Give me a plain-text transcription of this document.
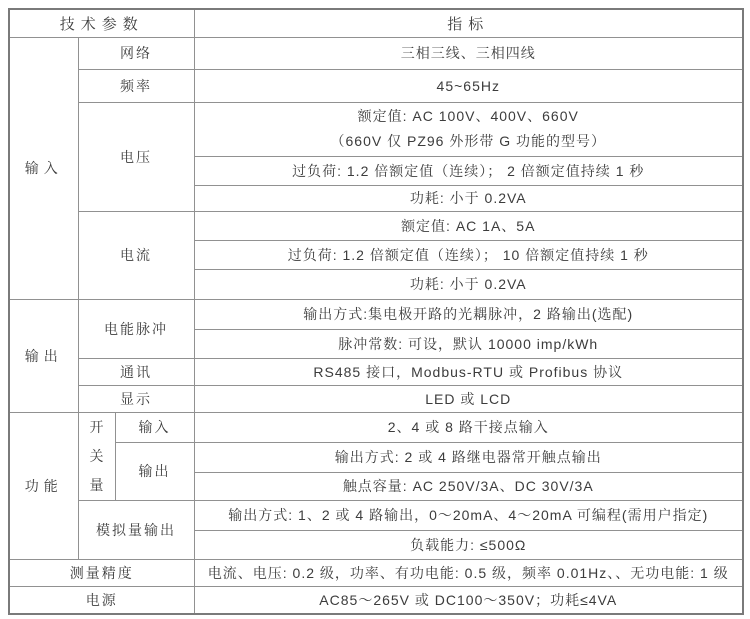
技术参数			指标
输入	网络		三相三线、三相四线
	频率		45~65Hz
	电压		额定值: AC 100V、400V、660V
（660V 仅 PZ96 外形带 G 功能的型号）

			过负荷: 1.2 倍额定值（连续）； 2 倍额定值持续 1 秒
			功耗: 小于 0.2VA
	电流		额定值: AC 1A、5A
			过负荷: 1.2 倍额定值（连续）； 10 倍额定值持续 1 秒
			功耗: 小于 0.2VA
输出	电能脉冲		输出方式:集电极开路的光耦脉冲，2 路输出(选配)
			脉冲常数: 可设，默认 10000 imp/kWh
	通讯		RS485 接口，Modbus-RTU 或 Profibus 协议
	显示		LED 或 LCD
功能	开关量	输入	2、4 或 8 路干接点输入
		输出	输出方式: 2 或 4 路继电器常开触点输出
			触点容量: AC 250V/3A、DC 30V/3A
	模拟量输出		输出方式: 1、2 或 4 路输出，0～20mA、4～20mA 可编程(需用户指定)
			负载能力: ≤500Ω
测量精度			电流、电压: 0.2 级，功率、有功电能: 0.5 级，频率 0.01Hz、、无功电能: 1 级
电源			AC85～265V 或 DC100～350V；功耗≤4VA
